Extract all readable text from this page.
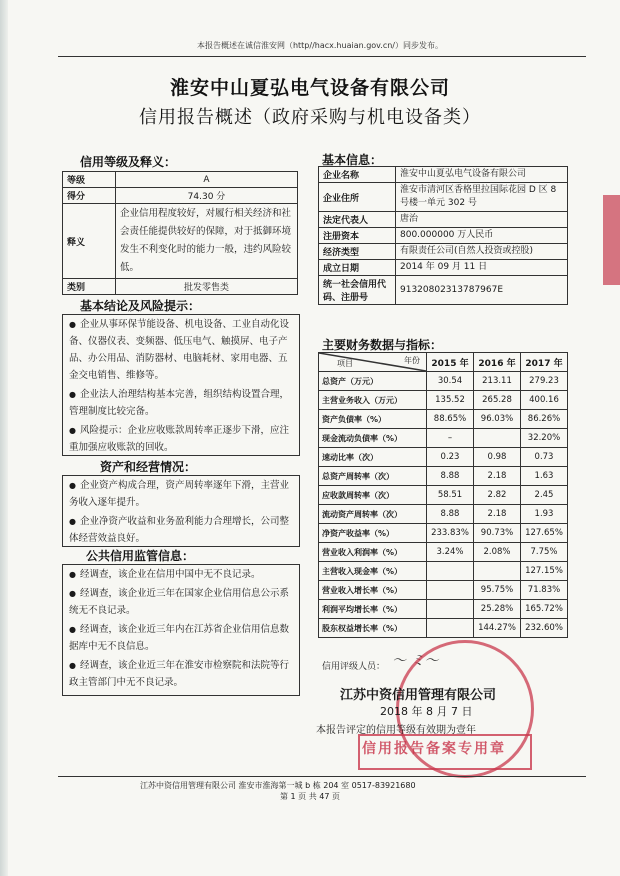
本报告概述在诚信淮安网（http//hacx.huaian.gov.cn/）同步发布。
淮安中山夏弘电气设备有限公司
信用报告概述（政府采购与机电设备类）
信用等级及释义：
等级	A
得分	74.30 分
释义	企业信用程度较好，对履行相关经济和社会责任能提供较好的保障，对于抵御环境发生不利变化时的能力一般，违约风险较低。
类别	批发零售类
基本信息：
企业名称	淮安中山夏弘电气设备有限公司
企业住所	淮安市清河区香格里拉国际花园 D 区 8 号楼一单元 302 号
法定代表人	唐治
注册资本	800.000000 万人民币
经济类型	有限责任公司(自然人投资或控股)
成立日期	2014 年 09 月 11 日
统一社会信用代码、注册号	91320802313787967E
基本结论及风险提示：
● 企业从事环保节能设备、机电设备、工业自动化设备、仪器仪表、变频器、低压电气、触摸屏、电子产品、办公用品、消防器材、电脑耗材、家用电器、五金交电销售、维修等。
● 企业法人治理结构基本完善，组织结构设置合理，管理制度比较完备。
● 风险提示：企业应收账款周转率正逐步下滑，应注重加强应收账款的回收。
资产和经营情况：
● 企业资产构成合理，资产周转率逐年下滑，主营业务收入逐年提升。
● 企业净资产收益和业务盈利能力合理增长，公司整体经营效益良好。
公共信用监管信息：
● 经调查，该企业在信用中国中无不良记录。
● 经调查，该企业近三年在国家企业信用信息公示系统无不良记录。
● 经调查，该企业近三年内在江苏省企业信用信息数据库中无不良信息。
● 经调查，该企业近三年在淮安市检察院和法院等行政主管部门中无不良记录。
主要财务数据与指标：
年份
项目	2015 年	2016 年	2017 年
总资产（万元）	30.54	213.11	279.23
主营业务收入（万元）	135.52	265.28	400.16
资产负债率（%）	88.65%	96.03%	86.26%
现金流动负债率（%）	–		32.20%
速动比率（次）	0.23	0.98	0.73
总资产周转率（次）	8.88	2.18	1.63
应收款周转率（次）	58.51	2.82	2.45
流动资产周转率（次）	8.88	2.18	1.93
净资产收益率（%）	233.83%	90.73%	127.65%
营业收入利润率（%）	3.24%	2.08%	7.75%
主营收入现金率（%）			127.15%
营业收入增长率（%）		95.75%	71.83%
利润平均增长率（%）		25.28%	165.72%
股东权益增长率（%）		144.27%	232.60%
信用评级人员： 〜 ミ〜
江苏中资信用管理有限公司
2018 年 8 月 7 日
本报告评定的信用等级有效期为壹年
信用报告备案专用章
江苏中资信用管理有限公司 淮安市淮海第一城 b 栋 204 室 0517-83921680
第 1 页 共 47 页
